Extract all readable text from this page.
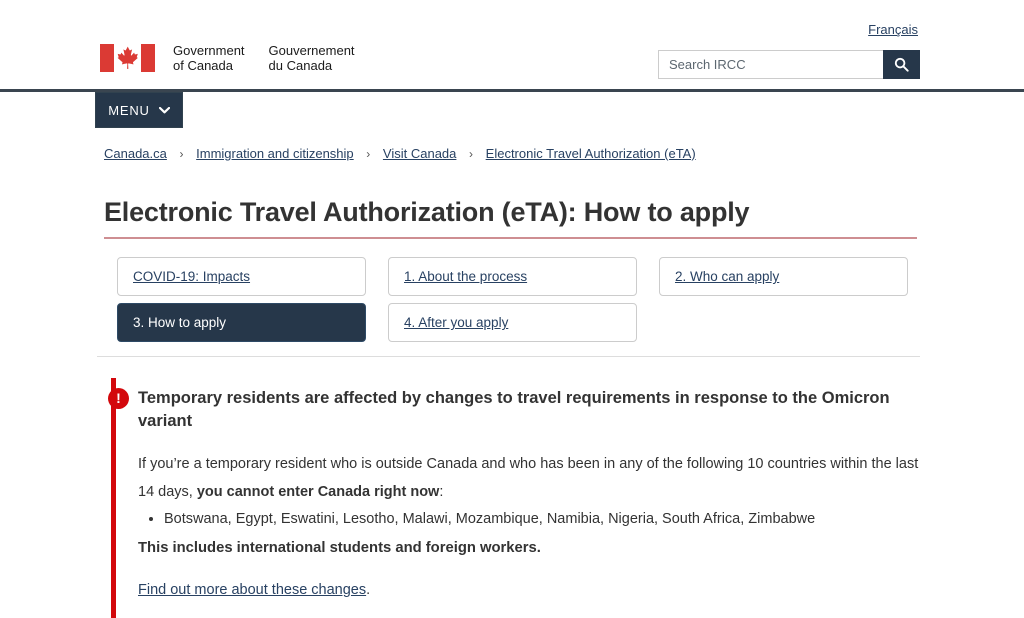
Français
Government
of Canada
Gouvernement
du Canada
Search IRCC
MENU
Canada.ca › Immigration and citizenship › Visit Canada › Electronic Travel Authorization (eTA)
Electronic Travel Authorization (eTA): How to apply
COVID-19: Impacts	1. About the process	2. Who can apply
3. How to apply	4. After you apply
!	Temporary residents are affected by changes to travel requirements in response to the Omicron variant

If you’re a temporary resident who is outside Canada and who has been in any of the following 10 countries within the last 14 days, you cannot enter Canada right now:

• Botswana, Egypt, Eswatini, Lesotho, Malawi, Mozambique, Namibia, Nigeria, South Africa, Zimbabwe
This includes international students and foreign workers.

Find out more about these changes.
